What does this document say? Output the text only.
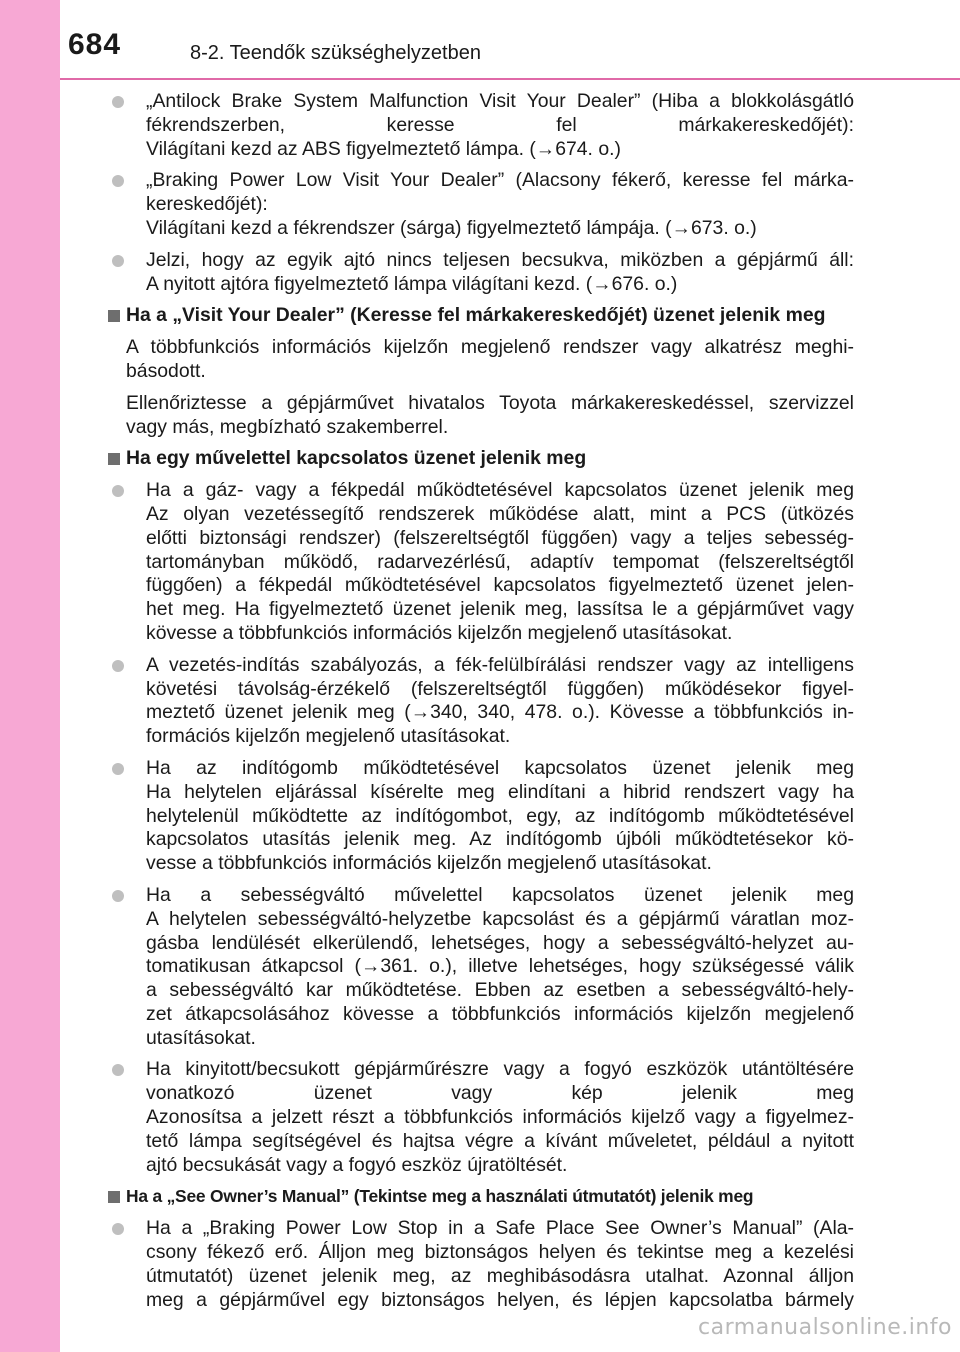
684	8-2. Teendők szükséghelyzetben
„Antilock Brake System Malfunction Visit Your Dealer” (Hiba a blokkolásgátló
fékrendszerben, keresse fel márkakereskedőjét):
Világítani kezd az ABS figyelmeztető lámpa. (→674. o.)
„Braking Power Low Visit Your Dealer” (Alacsony fékerő, keresse fel márka-
kereskedőjét):
Világítani kezd a fékrendszer (sárga) figyelmeztető lámpája. (→673. o.)
Jelzi, hogy az egyik ajtó nincs teljesen becsukva, miközben a gépjármű áll:
A nyitott ajtóra figyelmeztető lámpa világítani kezd. (→676. o.)
Ha a „Visit Your Dealer” (Keresse fel márkakereskedőjét) üzenet jelenik meg
A többfunkciós információs kijelzőn megjelenő rendszer vagy alkatrész meghi-
básodott.
Ellenőriztesse a gépjárművet hivatalos Toyota márkakereskedéssel, szervizzel
vagy más, megbízható szakemberrel.
Ha egy művelettel kapcsolatos üzenet jelenik meg
Ha a gáz- vagy a fékpedál működtetésével kapcsolatos üzenet jelenik meg
Az olyan vezetéssegítő rendszerek működése alatt, mint a PCS (ütközés
előtti biztonsági rendszer) (felszereltségtől függően) vagy a teljes sebesség-
tartományban működő, radarvezérlésű, adaptív tempomat (felszereltségtől
függően) a fékpedál működtetésével kapcsolatos figyelmeztető üzenet jelen-
het meg. Ha figyelmeztető üzenet jelenik meg, lassítsa le a gépjárművet vagy
kövesse a többfunkciós információs kijelzőn megjelenő utasításokat.
A vezetés-indítás szabályozás, a fék-felülbírálási rendszer vagy az intelligens
követési távolság-érzékelő (felszereltségtől függően) működésekor figyel-
meztető üzenet jelenik meg (→340, 340, 478. o.). Kövesse a többfunkciós in-
formációs kijelzőn megjelenő utasításokat.
Ha az indítógomb működtetésével kapcsolatos üzenet jelenik meg
Ha helytelen eljárással kísérelte meg elindítani a hibrid rendszert vagy ha
helytelenül működtette az indítógombot, egy, az indítógomb működtetésével
kapcsolatos utasítás jelenik meg. Az indítógomb újbóli működtetésekor kö-
vesse a többfunkciós információs kijelzőn megjelenő utasításokat.
Ha a sebességváltó művelettel kapcsolatos üzenet jelenik meg
A helytelen sebességváltó-helyzetbe kapcsolást és a gépjármű váratlan moz-
gásba lendülését elkerülendő, lehetséges, hogy a sebességváltó-helyzet au-
tomatikusan átkapcsol (→361. o.), illetve lehetséges, hogy szükségessé válik
a sebességváltó kar működtetése. Ebben az esetben a sebességváltó-hely-
zet átkapcsolásához kövesse a többfunkciós információs kijelzőn megjelenő
utasításokat.
Ha kinyitott/becsukott gépjárműrészre vagy a fogyó eszközök utántöltésére
vonatkozó üzenet vagy kép jelenik meg
Azonosítsa a jelzett részt a többfunkciós információs kijelző vagy a figyelmez-
tető lámpa segítségével és hajtsa végre a kívánt műveletet, például a nyitott
ajtó becsukását vagy a fogyó eszköz újratöltését.
Ha a „See Owner’s Manual” (Tekintse meg a használati útmutatót) jelenik meg
Ha a „Braking Power Low Stop in a Safe Place See Owner’s Manual” (Ala-
csony fékező erő. Álljon meg biztonságos helyen és tekintse meg a kezelési
útmutatót) üzenet jelenik meg, az meghibásodásra utalhat. Azonnal álljon
meg a gépjárművel egy biztonságos helyen, és lépjen kapcsolatba bármely
carmanualsonline.info
